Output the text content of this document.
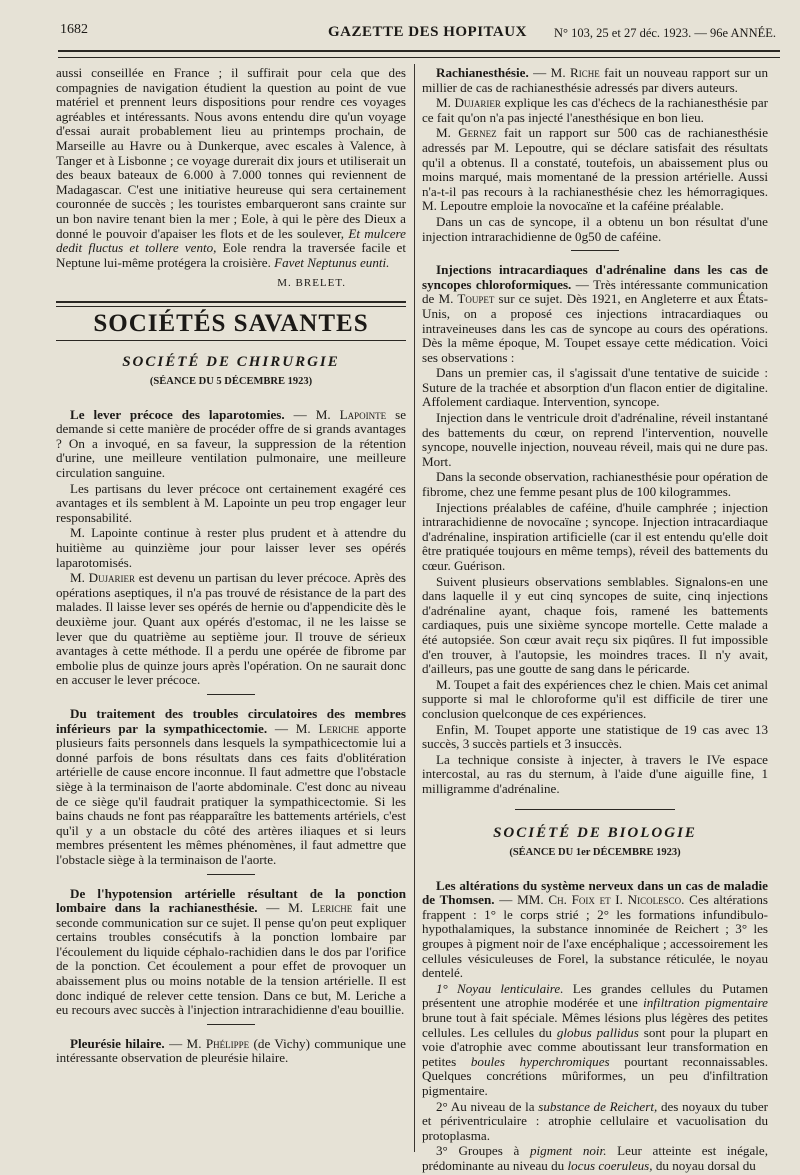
1682	GAZETTE DES HOPITAUX N° 103, 25 et 27 déc. 1923. — 96e ANNÉE.

aussi conseillée en France ; il suffirait pour cela que des compagnies de navigation étudient la question au point de vue matériel et prennent leurs dispositions pour rendre ces voyages agréables et intéressants. Nous avons entendu dire qu'un voyage d'essai aurait probablement lieu au printemps prochain, de Marseille au Havre ou à Dunkerque, avec escales à Valence, à Tanger et à Lisbonne ; ce voyage durerait dix jours et utiliserait un des beaux bateaux de 6.000 à 7.000 tonnes qui reviennent de Madagascar. C'est une initiative heureuse qui sera certainement couronnée de succès ; les touristes embarqueront sans crainte sur un bon navire tenant bien la mer ; Eole, à qui le père des Dieux a donné le pouvoir d'apaiser les flots et de les soulever, Et mulcere dedit fluctus et tollere vento, Eole rendra la traversée facile et Neptune lui-même protégera la croisière. Favet Neptunus eunti.

M. BRELET.

SOCIÉTÉS SAVANTES
SOCIÉTÉ DE CHIRURGIE
(SÉANCE DU 5 DÉCEMBRE 1923)

Le lever précoce des laparotomies. — M. Lapointe se demande si cette manière de procéder offre de si grands avantages ? On a invoqué, en sa faveur, la suppression de la rétention d'urine, une meilleure ventilation pulmonaire, une meilleure circulation sanguine.

Les partisans du lever précoce ont certainement exagéré ces avantages et ils semblent à M. Lapointe un peu trop engager leur responsabilité.

M. Lapointe continue à rester plus prudent et à attendre du huitième au quinzième jour pour laisser lever ses opérés laparotomisés.

M. Dujarier est devenu un partisan du lever précoce. Après des opérations aseptiques, il n'a pas trouvé de résistance de la part des malades. Il laisse lever ses opérés de hernie ou d'appendicite dès le deuxième jour. Quant aux opérés d'estomac, il ne les laisse se lever que du quatrième au septième jour. Il trouve de sérieux avantages à cette méthode. Il a perdu une opérée de fibrome par embolie plus de quinze jours après l'opération. On ne saurait donc en accuser le lever précoce.

Du traitement des troubles circulatoires des membres inférieurs par la sympathicectomie. — M. Leriche apporte plusieurs faits personnels dans lesquels la sympathicectomie lui a donné parfois de bons résultats dans ces faits d'oblitération artérielle de cause encore inconnue. Il faut admettre que l'obstacle siège à la terminaison de l'aorte abdominale. C'est donc au niveau de ce siège qu'il faudrait pratiquer la sympathicectomie. Si les bains chauds ne font pas réapparaître les battements artériels, c'est qu'il y a un obstacle du côté des artères iliaques et si leurs membres présentent les mêmes phénomènes, il faut admettre que l'obstacle siège à la terminaison de l'aorte.

De l'hypotension artérielle résultant de la ponction lombaire dans la rachianesthésie. — M. Leriche fait une seconde communication sur ce sujet. Il pense qu'on peut expliquer certains troubles consécutifs à la ponction lombaire par l'écoulement du liquide céphalo-rachidien dans le dos par l'orifice de la ponction. Cet écoulement a pour effet de provoquer un abaissement plus ou moins notable de la tension artérielle. Il est donc indiqué de relever cette tension. Dans ce but, M. Leriche a eu recours avec succès à l'injection intrarachidienne d'eau bouillie.

Pleurésie hilaire. — M. Phélippe (de Vichy) communique une intéressante observation de pleurésie hilaire.

Rachianesthésie. — M. Riche fait un nouveau rapport sur un millier de cas de rachianesthésie adressés par divers auteurs.

M. Dujarier explique les cas d'échecs de la rachianesthésie par ce fait qu'on n'a pas injecté l'anesthésique en bon lieu.

M. Gernez fait un rapport sur 500 cas de rachianesthésie adressés par M. Lepoutre, qui se déclare satisfait des résultats qu'il a obtenus. Il a constaté, toutefois, un abaissement plus ou moins marqué, mais momentané de la pression artérielle. Aussi n'a-t-il pas recours à la rachianesthésie chez les hémorragiques. M. Lepoutre emploie la novocaïne et la caféine préalable.

Dans un cas de syncope, il a obtenu un bon résultat d'une injection intrarachidienne de 0g50 de caféine.

Injections intracardiaques d'adrénaline dans les cas de syncopes chloroformiques. — Très intéressante communication de M. Toupet sur ce sujet. Dès 1921, en Angleterre et aux États-Unis, on a proposé ces injections intracardiaques ou intraveineuses dans les cas de syncope au cours des opérations. Dès la même époque, M. Toupet essaye cette médication. Voici ses observations :

Dans un premier cas, il s'agissait d'une tentative de suicide : Suture de la trachée et absorption d'un flacon entier de digitaline. Affolement cardiaque. Intervention, syncope.

Injection dans le ventricule droit d'adrénaline, réveil instantané des battements du cœur, on reprend l'intervention, nouvelle syncope, nouvelle injection, nouveau réveil, mais qui ne dure pas. Mort.

Dans la seconde observation, rachianesthésie pour opération de fibrome, chez une femme pesant plus de 100 kilogrammes.

Injections préalables de caféine, d'huile camphrée ; injection intrarachidienne de novocaïne ; syncope. Injection intracardiaque d'adrénaline, inspiration artificielle (car il est entendu qu'elle doit être pratiquée toujours en même temps), réveil des battements du cœur. Guérison.

Suivent plusieurs observations semblables. Signalons-en une dans laquelle il y eut cinq syncopes de suite, cinq injections d'adrénaline ayant, chaque fois, ramené les battements cardiaques, puis une sixième syncope mortelle. Cette malade a été autopsiée. Son cœur avait reçu six piqûres. Il fut impossible d'en trouver, à l'autopsie, les moindres traces. Il n'y avait, d'ailleurs, pas une goutte de sang dans le péricarde.

M. Toupet a fait des expériences chez le chien. Mais cet animal supporte si mal le chloroforme qu'il est difficile de tirer une conclusion quelconque de ces expériences.

Enfin, M. Toupet apporte une statistique de 19 cas avec 13 succès, 3 succès partiels et 3 insuccès.

La technique consiste à injecter, à travers le IVe espace intercostal, au ras du sternum, à l'aide d'une aiguille fine, 1 milligramme d'adrénaline.

SOCIÉTÉ DE BIOLOGIE
(SÉANCE DU 1er DÉCEMBRE 1923)

Les altérations du système nerveux dans un cas de maladie de Thomsen. — MM. Ch. Foix et I. Nicolesco. Ces altérations frappent : 1° le corps strié ; 2° les formations infundibulo-hypothalamiques, la substance innominée de Reichert ; 3° les groupes à pigment noir de l'axe encéphalique ; accessoirement les cellules vésiculeuses de Forel, la substance réticulée, le noyau dentelé.

1° Noyau lenticulaire. Les grandes cellules du Putamen présentent une atrophie modérée et une infiltration pigmentaire brune tout à fait spéciale. Mêmes lésions plus légères des petites cellules. Les cellules du globus pallidus sont pour la plupart en voie d'atrophie avec comme aboutissant leur transformation en petites boules hyperchromiques pourtant reconnaissables. Quelques concrétions mûriformes, un peu d'infiltration pigmentaire.

2° Au niveau de la substance de Reichert, des noyaux du tuber et périventriculaire : atrophie cellulaire et vacuolisation du protoplasma.

3° Groupes à pigment noir. Leur atteinte est inégale, prédominante au niveau du locus coeruleus, du noyau dorsal du
